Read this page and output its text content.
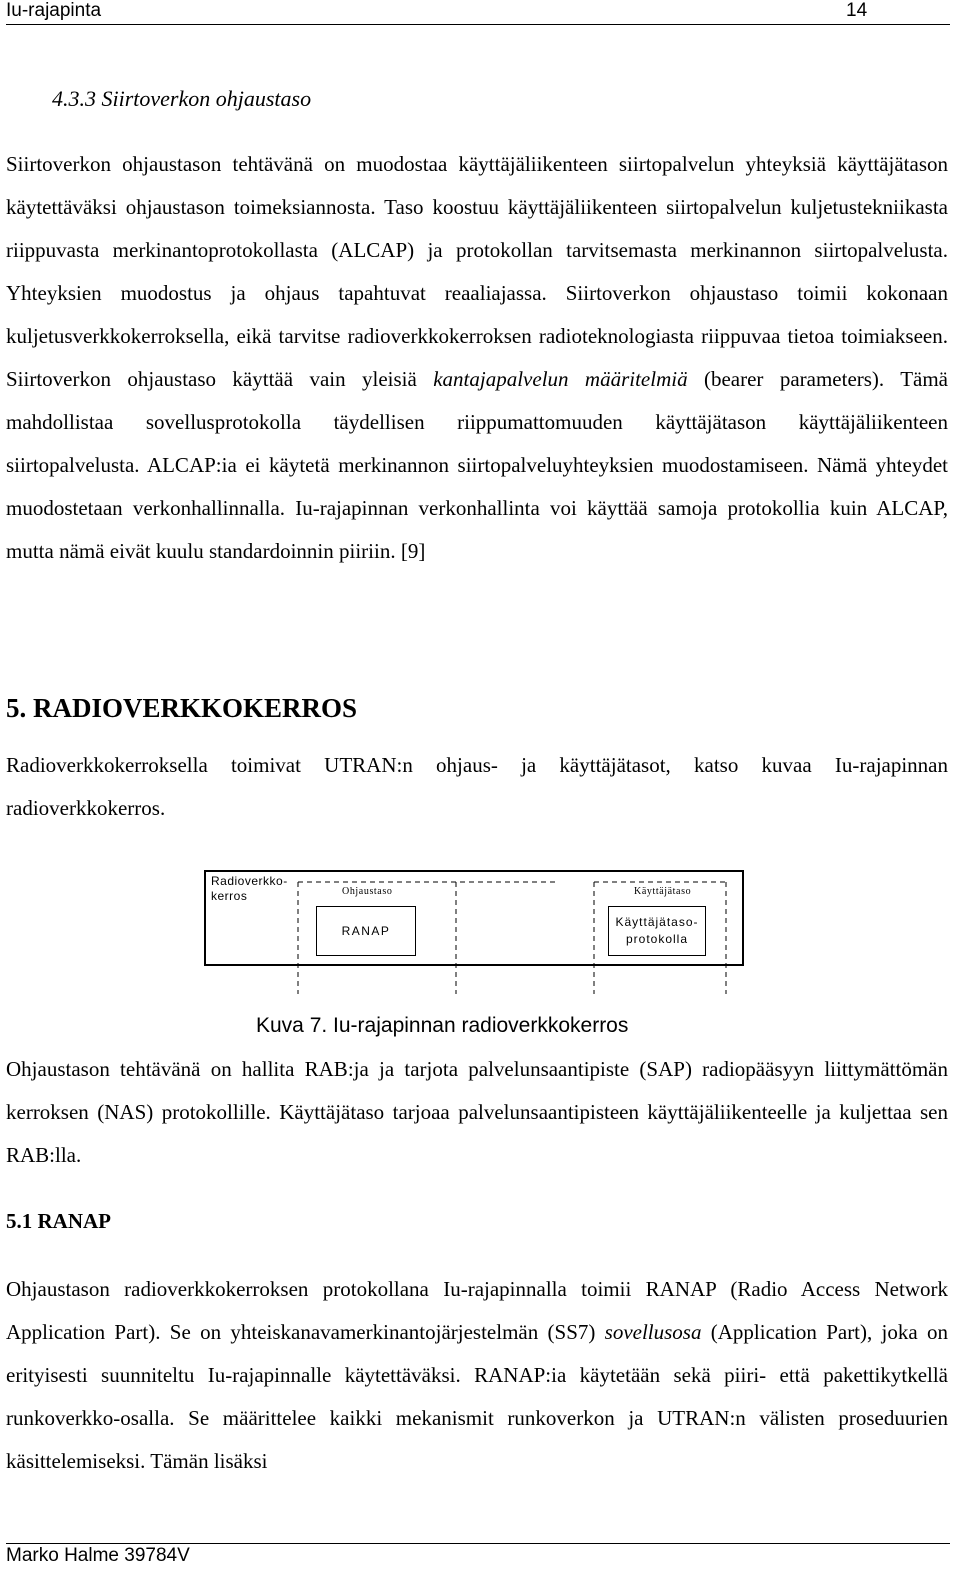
Iu-rajapinta	14
4.3.3 Siirtoverkon ohjaustaso

Siirtoverkon ohjaustason tehtävänä on muodostaa käyttäjäliikenteen siirtopalvelun yhteyksiä käyttäjätason käytettäväksi ohjaustason toimeksiannosta. Taso koostuu käyttäjäliikenteen siirtopalvelun kuljetustekniikasta riippuvasta merkinantoprotokollasta (ALCAP) ja protokollan tarvitsemasta merkinannon siirtopalvelusta. Yhteyksien muodostus ja ohjaus tapahtuvat reaaliajassa. Siirtoverkon ohjaustaso toimii kokonaan kuljetusverkkokerroksella, eikä tarvitse radioverkkokerroksen radioteknologiasta riippuvaa tietoa toimiakseen. Siirtoverkon ohjaustaso käyttää vain yleisiä kantajapalvelun määritelmiä (bearer parameters). Tämä mahdollistaa sovellusprotokolla täydellisen riippumattomuuden käyttäjätason käyttäjäliikenteen siirtopalvelusta. ALCAP:ia ei käytetä merkinannon siirtopalveluyhteyksien muodostamiseen. Nämä yhteydet muodostetaan verkonhallinnalla. Iu-rajapinnan verkonhallinta voi käyttää samoja protokollia kuin ALCAP, mutta nämä eivät kuulu standardoinnin piiriin. [9]

5. RADIOVERKKOKERROS

Radioverkkokerroksella toimivat UTRAN:n ohjaus- ja käyttäjätasot, katso kuvaa Iu-rajapinnan radioverkkokerros.

Radioverkko-
kerros	Ohjaustaso	Käyttäjätaso
RANAP
Käyttäjätaso-
protokolla
Kuva 7. Iu-rajapinnan radioverkkokerros

Ohjaustason tehtävänä on hallita RAB:ja ja tarjota palvelunsaantipiste (SAP) radiopääsyyn liittymättömän kerroksen (NAS) protokollille. Käyttäjätaso tarjoaa palvelunsaantipisteen käyttäjäliikenteelle ja kuljettaa sen RAB:lla.

5.1 RANAP

Ohjaustason radioverkkokerroksen protokollana Iu-rajapinnalla toimii RANAP (Radio Access Network Application Part). Se on yhteiskanavamerkinantojärjestelmän (SS7) sovellusosa (Application Part), joka on erityisesti suunniteltu Iu-rajapinnalle käytettäväksi. RANAP:ia käytetään sekä piiri- että pakettikytkellä runkoverkko-osalla. Se määrittelee kaikki mekanismit runkoverkon ja UTRAN:n välisten proseduurien käsittelemiseksi. Tämän lisäksi

Marko Halme 39784V
